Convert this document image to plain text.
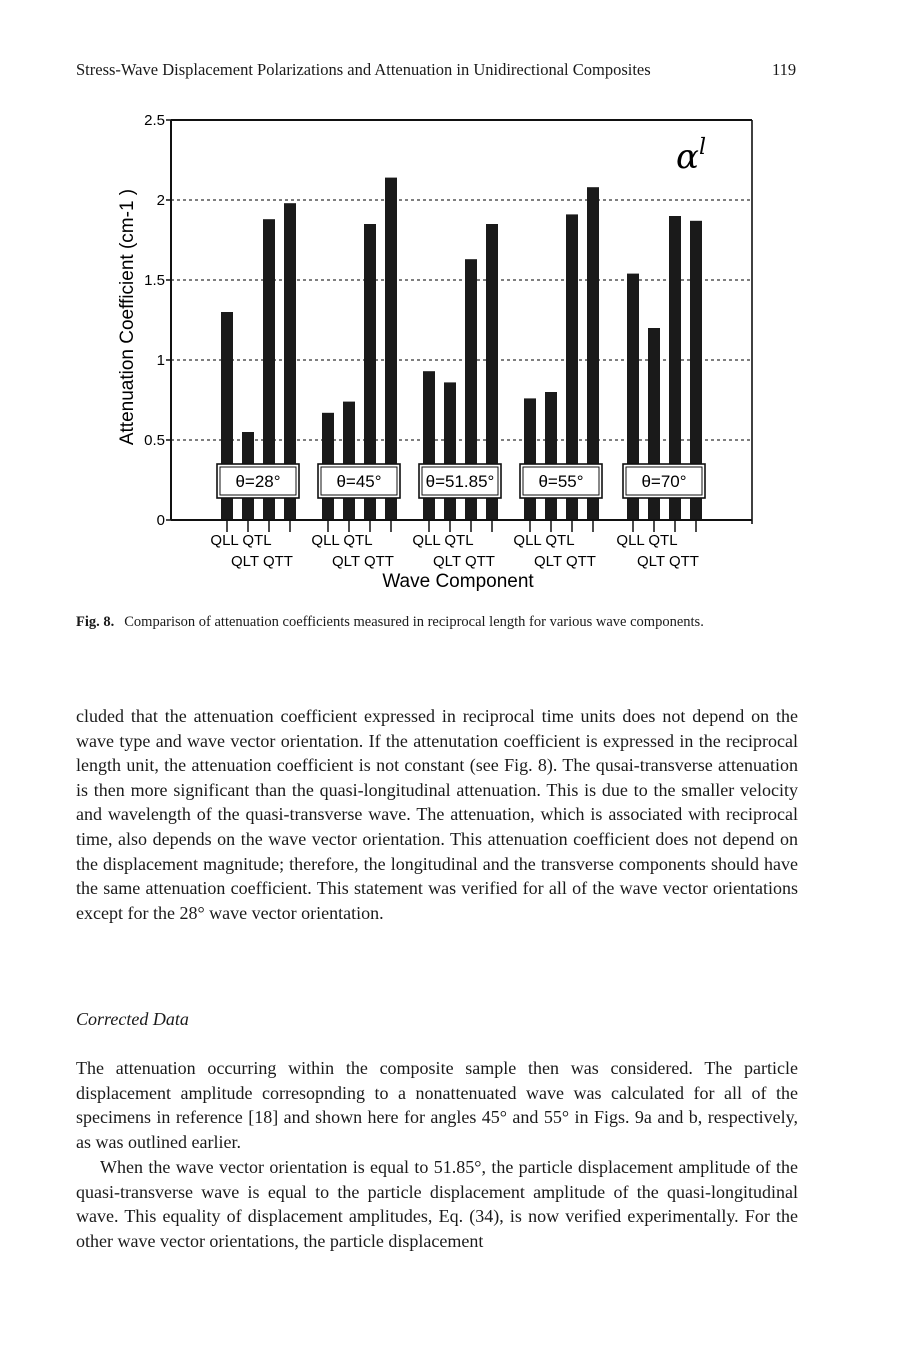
Stress-Wave Displacement Polarizations and Attenuation in Unidirectional Composites	119
θ=28°	θ=45°	θ=51.85°	θ=55°	θ=70°
0
0.5
1
1.5
2
2.5
QLL QTL
QLT QTT
QLL QTL
QLT QTT
QLL QTL
QLT QTT
QLL QTL
QLT QTT
QLL QTL
QLT QTT
$\alpha^l$
Attenuation Coefficient (cm-1 )
Wave Component
Fig. 8. Comparison of attenuation coefficients measured in reciprocal length for various wave components.

cluded that the attenuation coefficient expressed in reciprocal time units does not depend on the wave type and wave vector orientation. If the attenutation coefficient is expressed in the reciprocal length unit, the attenuation coefficient is not constant (see Fig. 8). The qusai-transverse attenuation is then more significant than the quasi-longitudinal attenuation. This is due to the smaller velocity and wavelength of the quasi-transverse wave. The attenuation, which is associated with reciprocal time, also depends on the wave vector orientation. This attenuation coefficient does not depend on the displacement magnitude; therefore, the longitudinal and the transverse components should have the same attenuation coefficient. This statement was verified for all of the wave vector orientations except for the 28° wave vector orientation.

Corrected Data

The attenuation occurring within the composite sample then was considered. The particle displacement amplitude corresopnding to a nonattenuated wave was calculated for all of the specimens in reference [18] and shown here for angles 45° and 55° in Figs. 9a and b, respectively, as was outlined earlier.

When the wave vector orientation is equal to 51.85°, the particle displacement amplitude of the quasi-transverse wave is equal to the particle displacement amplitude of the quasi-longitudinal wave. This equality of displacement amplitudes, Eq. (34), is now verified experimentally. For the other wave vector orientations, the particle displacement
